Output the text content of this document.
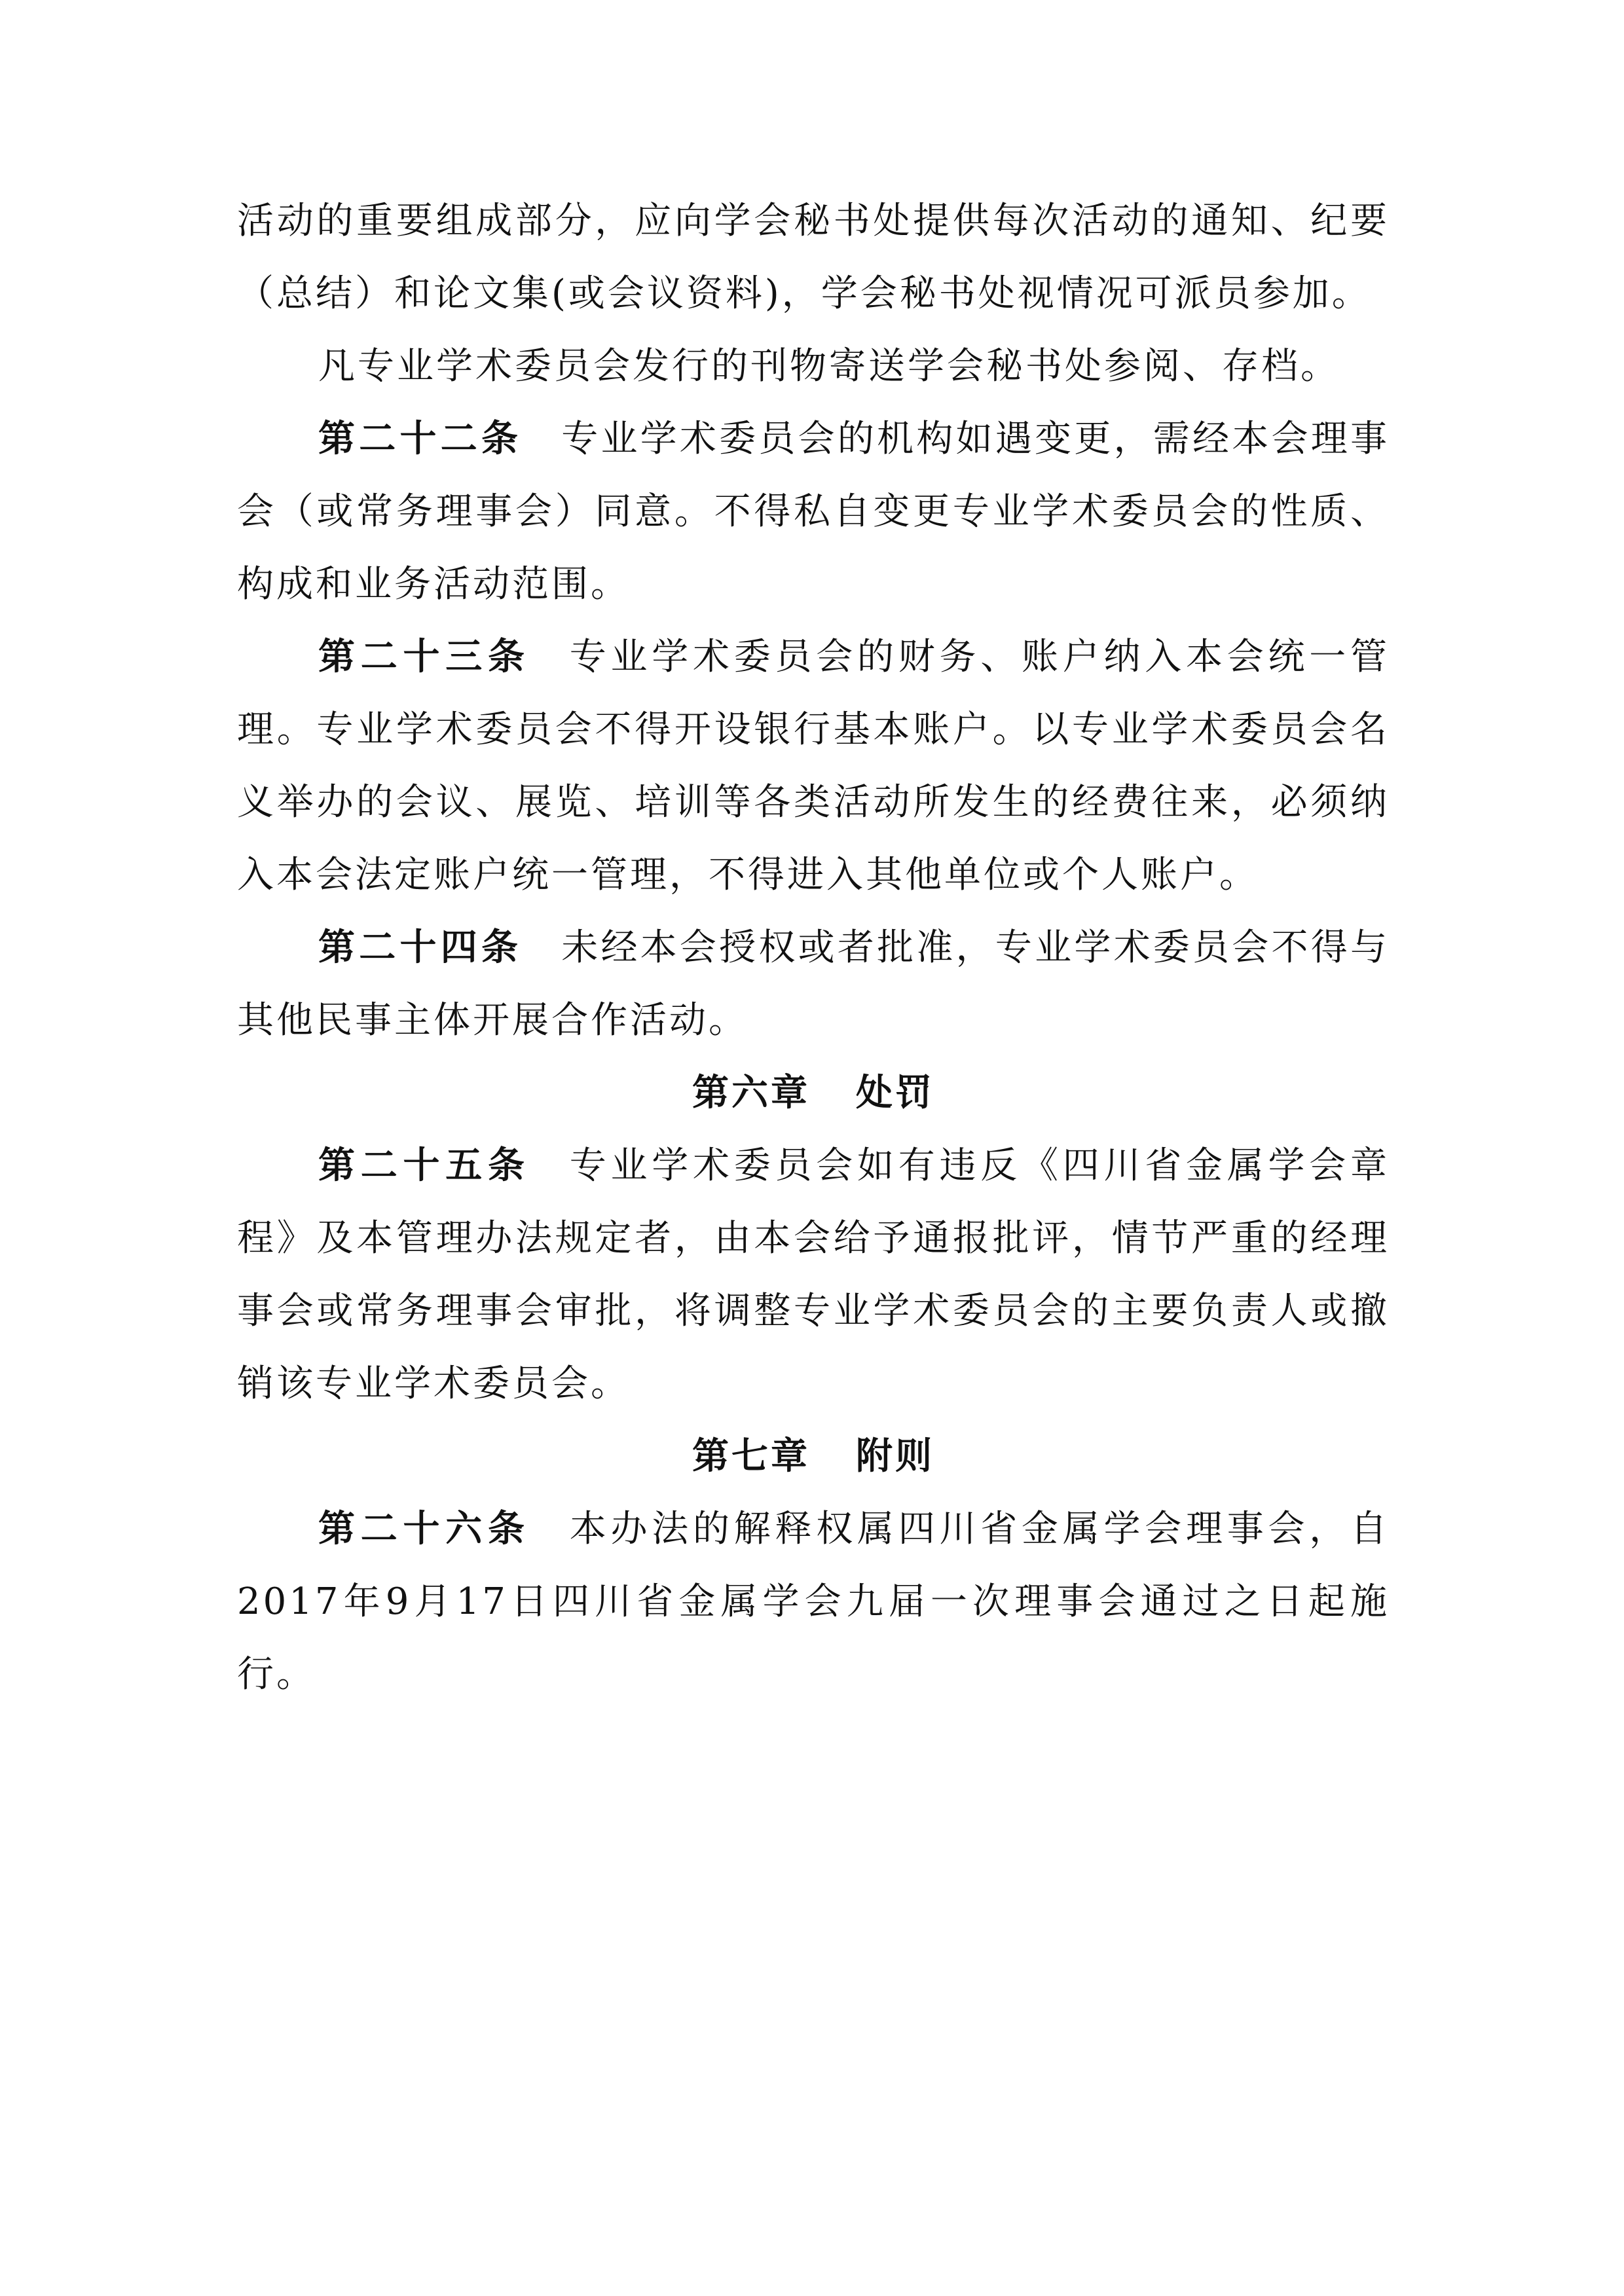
活动的重要组成部分，应向学会秘书处提供每次活动的通知、纪要（总结）和论文集(或会议资料)，学会秘书处视情况可派员参加。

凡专业学术委员会发行的刊物寄送学会秘书处参阅、存档。

第二十二条 专业学术委员会的机构如遇变更，需经本会理事会（或常务理事会）同意。不得私自变更专业学术委员会的性质、构成和业务活动范围。

第二十三条 专业学术委员会的财务、账户纳入本会统一管理。专业学术委员会不得开设银行基本账户。以专业学术委员会名义举办的会议、展览、培训等各类活动所发生的经费往来，必须纳入本会法定账户统一管理，不得进入其他单位或个人账户。

第二十四条 未经本会授权或者批准，专业学术委员会不得与其他民事主体开展合作活动。

第六章 处罚

第二十五条 专业学术委员会如有违反《四川省金属学会章程》及本管理办法规定者，由本会给予通报批评，情节严重的经理事会或常务理事会审批，将调整专业学术委员会的主要负责人或撤销该专业学术委员会。

第七章 附则

第二十六条 本办法的解释权属四川省金属学会理事会，自2017年9月17日四川省金属学会九届一次理事会通过之日起施行。
